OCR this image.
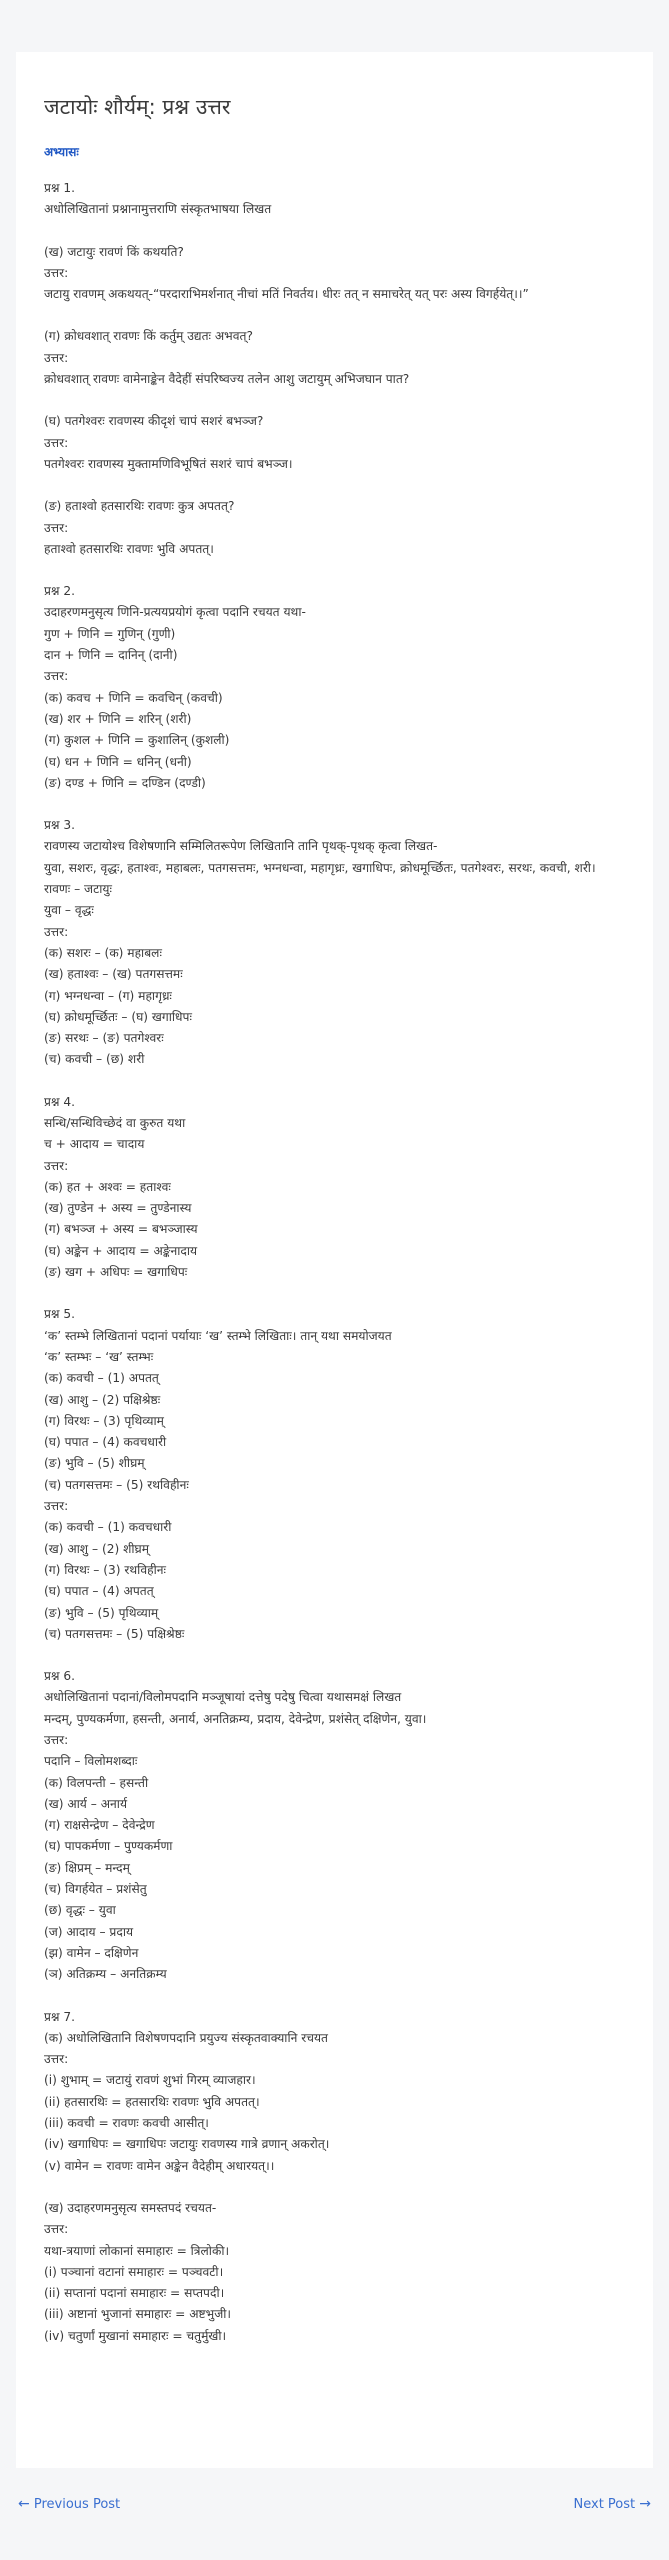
जटायोः शौर्यम्: प्रश्न उत्तर
अभ्यासः
प्रश्न 1.
अधोलिखितानां प्रश्नानामुत्तराणि संस्कृतभाषया लिखत
(ख) जटायुः रावणं किं कथयति?
उत्तर:
जटायु रावणम् अकथयत्-“परदाराभिमर्शनात् नीचां मतिं निवर्तय। धीरः तत् न समाचरेत् यत् परः अस्य विगर्हयेत्।।”
(ग) क्रोधवशात् रावणः किं कर्तुम् उद्यतः अभवत्?
उत्तर:
क्रोधवशात् रावणः वामेनाङ्केन वैदेहीं संपरिष्वज्य तलेन आशु जटायुम् अभिजघान पात?
(घ) पतगेश्वरः रावणस्य कीदृशं चापं सशरं बभञ्ज?
उत्तर:
पतगेश्वरः रावणस्य मुक्तामणिविभूषितं सशरं चापं बभञ्ज।
(ङ) हताश्वो हतसारथिः रावणः कुत्र अपतत्?
उत्तर:
हताश्वो हतसारथिः रावणः भुवि अपतत्।
प्रश्न 2.
उदाहरणमनुसृत्य णिनि-प्रत्ययप्रयोगं कृत्वा पदानि रचयत यथा-
गुण + णिनि = गुणिन् (गुणी)
दान + णिनि = दानिन् (दानी)
उत्तर:
(क) कवच + णिनि = कवचिन् (कवची)
(ख) शर + णिनि = शरिन् (शरी)
(ग) कुशल + णिनि = कुशालिन् (कुशली)
(घ) धन + णिनि = धनिन् (धनी)
(ङ) दण्ड + णिनि = दण्डिन (दण्डी)
प्रश्न 3.
रावणस्य जटायोश्च विशेषणानि सम्मिलितरूपेण लिखितानि तानि पृथक्-पृथक् कृत्वा लिखत-
युवा, सशरः, वृद्धः, हताश्वः, महाबलः, पतगसत्तमः, भग्नधन्वा, महागृध्रः, खगाधिपः, क्रोधमूर्च्छितः, पतगेश्वरः, सरथः, कवची, शरी।
रावणः – जटायुः
युवा – वृद्धः
उत्तर:
(क) सशरः – (क) महाबलः
(ख) हताश्वः – (ख) पतगसत्तमः
(ग) भग्नधन्वा – (ग) महागृध्रः
(घ) क्रोधमूर्च्छितः – (घ) खगाधिपः
(ङ) सरथः – (ङ) पतगेश्वरः
(च) कवची – (छ) शरी
प्रश्न 4.
सन्धि/सन्धिविच्छेदं वा कुरुत यथा
च + आदाय = चादाय
उत्तर:
(क) हत + अश्वः = हताश्वः
(ख) तुण्डेन + अस्य = तुण्डेनास्य
(ग) बभञ्ज + अस्य = बभञ्जास्य
(घ) अङ्केन + आदाय = अङ्केनादाय
(ङ) खग + अधिपः = खगाधिपः
प्रश्न 5.
‘क’ स्तम्भे लिखितानां पदानां पर्यायाः ‘ख’ स्तम्भे लिखिताः। तान् यथा समयोजयत
‘क’ स्तम्भः – ‘ख’ स्तम्भः
(क) कवची – (1) अपतत्
(ख) आशु – (2) पक्षिश्रेष्ठः
(ग) विरथः – (3) पृथिव्याम्
(घ) पपात – (4) कवचधारी
(ङ) भुवि – (5) शीघ्रम्
(च) पतगसत्तमः – (5) रथविहीनः
उत्तर:
(क) कवची – (1) कवचधारी
(ख) आशु – (2) शीघ्रम्
(ग) विरथः – (3) रथविहीनः
(घ) पपात – (4) अपतत्
(ङ) भुवि – (5) पृथिव्याम्
(च) पतगसत्तमः – (5) पक्षिश्रेष्ठः
प्रश्न 6.
अधोलिखितानां पदानां/विलोमपदानि मञ्जूषायां दत्तेषु पदेषु चित्वा यथासमक्षं लिखत
मन्दम्, पुण्यकर्मणा, हसन्ती, अनार्य, अनतिक्रम्य, प्रदाय, देवेन्द्रेण, प्रशंसेत् दक्षिणेन, युवा।
उत्तर:
पदानि – विलोमशब्दाः
(क) विलपन्ती – हसन्ती
(ख) आर्य – अनार्य
(ग) राक्षसेन्द्रेण – देवेन्द्रेण
(घ) पापकर्मणा – पुण्यकर्मणा
(ङ) क्षिप्रम् – मन्दम्
(च) विगर्हयेत – प्रशंसेतु
(छ) वृद्धः – युवा
(ज) आदाय – प्रदाय
(झ) वामेन – दक्षिणेन
(ञ) अतिक्रम्य – अनतिक्रम्य
प्रश्न 7.
(क) अधोलिखितानि विशेषणपदानि प्रयुज्य संस्कृतवाक्यानि रचयत
उत्तर:
(i) शुभाम् = जटायुं रावणं शुभां गिरम् व्याजहार।
(ii) हतसारथिः = हतसारथिः रावणः भुवि अपतत्।
(iii) कवची = रावणः कवची आसीत्।
(iv) खगाधिपः = खगाधिपः जटायुः रावणस्य गात्रे व्रणान् अकरोत्।
(v) वामेन = रावणः वामेन अङ्केन वैदेहीम् अधारयत्।।
(ख) उदाहरणमनुसृत्य समस्तपदं रचयत-
उत्तर:
यथा-त्रयाणां लोकानां समाहारः = त्रिलोकी।
(i) पञ्चानां वटानां समाहारः = पञ्चवटी।
(ii) सप्तानां पदानां समाहारः = सप्तपदी।
(iii) अष्टानां भुजानां समाहारः = अष्टभुजी।
(iv) चतुर्णां मुखानां समाहारः = चतुर्मुखी।
← Previous Post	Next Post →
